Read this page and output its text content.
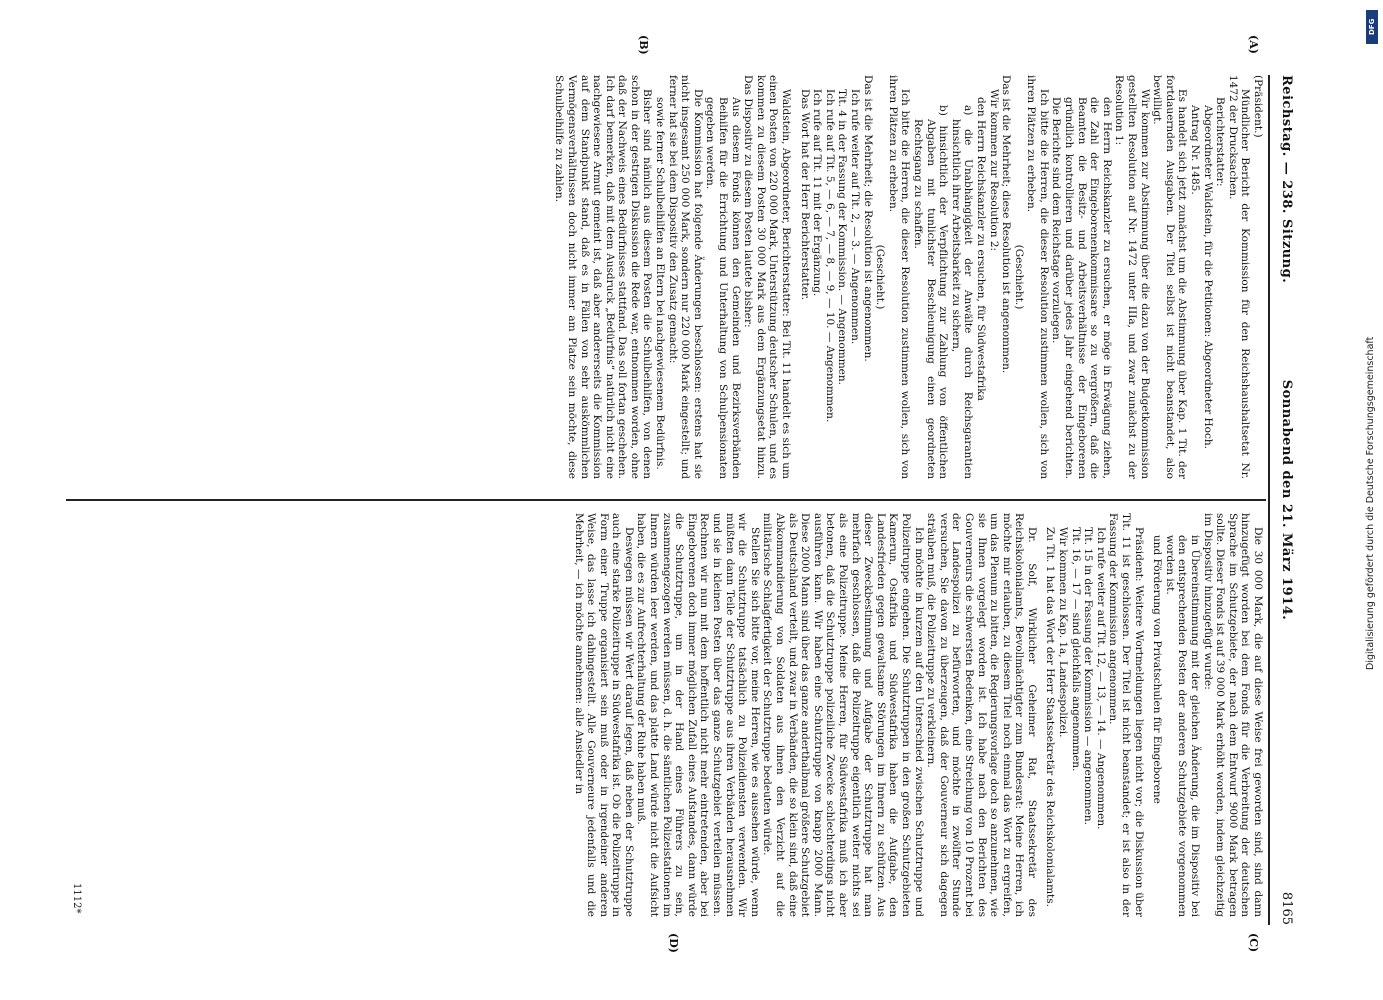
Reichstag. — 238. Sitzung.
Sonnabend den 21. März 1914.
8165
(A)
(B)
(C)
(D)

(Präsident.)

Mündlicher Bericht der Kommission für den Reichshaushaltsetat Nr. 1472 der Drucksachen.

Berichterstatter:

Abgeordneter Waldstein, für die Petitionen: Abgeordneter Hoch.

Antrag Nr. 1485.

Es handelt sich jetzt zunächst um die Abstimmung über Kap. 1 Tit. der fortdauernden Ausgaben. Der Titel selbst ist nicht beanstandet, also bewilligt.

Wir kommen zur Abstimmung über die dazu von der Budgetkommission gestellten Resolution auf Nr. 1472 unter IIIa, und zwar zunächst zu der Resolution 1:

den Herrn Reichskanzler zu ersuchen, er möge in Erwägung ziehen, die Zahl der Eingeborenenkommissare so zu vergrößern, daß die Beamten die Besitz- und Arbeitsverhältnisse der Eingeborenen gründlich kontrollieren und darüber jedes Jahr eingehend berichten. Die Berichte sind dem Reichstage vorzulegen.

Ich bitte die Herren, die dieser Resolution zustimmen wollen, sich von ihren Plätzen zu erheben.

(Geschieht.)

Das ist die Mehrheit; diese Resolution ist angenommen.

Wir kommen zur Resolution 2:

den Herrn Reichskanzler zu ersuchen, für Südwestafrika

a) die Unabhängigkeit der Anwälte durch Reichsgarantien hinsichtlich ihrer Arbeitsbarkeit zu sichern,

b) hinsichtlich der Verpflichtung zur Zahlung von öffentlichen Abgaben mit tunlichster Beschleunigung einen geordneten Rechtsgang zu schaffen.

Ich bitte die Herren, die dieser Resolution zustimmen wollen, sich von ihren Plätzen zu erheben.

(Geschieht.)

Das ist die Mehrheit; die Resolution ist angenommen.

Ich rufe weiter auf Tit. 2, — 3. — Angenommen.

Tit. 4 in der Fassung der Kommission. — Angenommen.

Ich rufe auf Tit. 5, — 6, — 7, — 8, — 9, — 10. — Angenommen.

Ich rufe auf Tit. 11 mit der Ergänzung.

Das Wort hat der Herr Berichterstatter.

Waldstein, Abgeordneter, Berichterstatter: Bei Tit. 11 handelt es sich um einen Posten von 220 000 Mark, Unterstützung deutscher Schulen, und es kommen zu diesem Posten 30 000 Mark aus dem Ergänzungsetat hinzu. Das Dispositiv zu diesem Posten lautete bisher:

Aus diesem Fonds können den Gemeinden und Bezirksverbänden Beihilfen für die Errichtung und Unterhaltung von Schulpensionaten gegeben werden.

Die Kommission hat folgende Änderungen beschlossen: erstens hat sie nicht insgesamt 250 000 Mark, sondern nur 220 000 Mark eingestellt; und ferner hat sie bei dem Dispositiv den Zusatz gemacht:

sowie ferner Schulbeihilfen an Eltern bei nachgewiesenem Bedürfnis.

Bisher sind nämlich aus diesem Posten die Schulbeihilfen, von denen schon in der gestrigen Diskussion die Rede war, entnommen worden, ohne daß der Nachweis eines Bedürfnisses stattfand. Das soll fortan geschehen. Ich darf bemerken, daß mit dem Ausdruck „Bedürfnis“ natürlich nicht eine nachgewiesene Armut gemeint ist, daß aber andererseits die Kommission auf dem Standpunkt stand, daß es in Fällen von sehr auskömmlichen Vermögensverhältnissen doch nicht immer am Platze sein möchte, diese Schulbeihilfe zu zahlen.

Die 30 000 Mark, die auf diese Weise frei geworden sind, sind dann hinzugefügt worden bei dem Fonds für die Verbreitung der deutschen Sprache im Schutzgebiete, der nach dem Entwurf 9000 Mark betragen sollte. Dieser Fonds ist auf 39 000 Mark erhöht worden, indem gleichzeitig im Dispositiv hinzugefügt wurde:

in Übereinstimmung mit der gleichen Änderung, die im Dispositiv bei den entsprechenden Posten der anderen Schutzgebiete vorgenommen worden ist.

und Förderung von Privatschulen für Eingeborene

Präsident: Weitere Wortmeldungen liegen nicht vor; die Diskussion über Tit. 11 ist geschlossen. Der Titel ist nicht beanstandet; er ist also in der Fassung der Kommission angenommen.

Ich rufe weiter auf Tit. 12, — 13, — 14. — Angenommen.

Tit. 15 in der Fassung der Kommission — angenommen.

Tit. 16, — 17 — sind gleichfalls angenommen.

Wir kommen zu Kap. 1a, Landespolizei.

Zu Tit. 1 hat das Wort der Herr Staatssekretär des Reichskolonialamts.

Dr. Solf, Wirklicher Geheimer Rat, Staatssekretär des Reichskolonialamts, Bevollmächtigter zum Bundesrat: Meine Herren, ich möchte mir erlauben, zu diesem Titel noch einmal das Wort zu ergreifen, um das Plenum zu bitten, die Regierungsvorlage doch so anzunehmen, wie sie Ihnen vorgelegt worden ist. Ich habe nach den Berichten des Gouverneurs die schwersten Bedenken, eine Streichung von 10 Prozent bei der Landespolizei zu befürworten, und möchte in zwölfter Stunde versuchen, Sie davon zu überzeugen, daß der Gouverneur sich dagegen sträuben muß, die Polizeitruppe zu verkleinern.

Ich möchte in kurzem auf den Unterschied zwischen Schutztruppe und Polizeitruppe eingehen. Die Schutztruppen in den großen Schutzgebieten Kamerun, Ostafrika und Südwestafrika haben die Aufgabe, den Landesfrieden gegen gewaltsame Störungen im Innern zu schützen. Aus dieser Zweckbestimmung und Aufgabe der Schutztruppe hat man mehrfach geschlossen, daß die Polizeitruppe eigentlich weiter nichts sei als eine Polizeitruppe. Meine Herren, für Südwestafrika muß ich aber betonen, daß die Schutztruppe polizeiliche Zwecke schlechterdings nicht ausführen kann. Wir haben eine Schutztruppe von knapp 2000 Mann. Diese 2000 Mann sind über das ganze anderthalbmal größere Schutzgebiet als Deutschland verteilt, und zwar in Verbänden, die so klein sind, daß eine Abkommandierung von Soldaten aus ihnen den Verzicht auf die militärische Schlagfertigkeit der Schutztruppe bedeuten würde.

Stellen Sie sich bitte vor, meine Herren, wie es aussehen würde, wenn wir die Schutztruppe tatsächlich zu Polizeidiensten verwenden. Wir müßten dann Teile der Schutztruppe aus ihren Verbänden herausnehmen und sie in kleinen Posten über das ganze Schutzgebiet verteilen müssen. Rechnen wir nun mit dem hoffentlich nicht mehr eintretenden, aber bei Eingeborenen doch immer möglichen Zufall eines Aufstandes, dann würde die Schutztruppe, um in der Hand eines Führers zu sein, zusammengezogen werden müssen, d. h. die sämtlichen Polizeistationen im Innern würden leer werden, und das platte Land würde nicht die Aufsicht haben, die es zur Aufrechterhaltung der Ruhe haben muß.

Deswegen müssen wir Wert darauf legen, daß neben der Schutztruppe auch eine starke Polizeitruppe in Südwestafrika ist. Ob die Polizeitruppe in Form einer Truppe organisiert sein muß oder in irgendeiner anderen Weise, das lasse ich dahingestellt. Alle Gouverneure jedenfalls und die Mehrheit, — ich möchte annehmen: alle Ansiedler in

1112*
DFG
Digitalisierung gefördert durch die Deutsche Forschungsgemeinschaft
